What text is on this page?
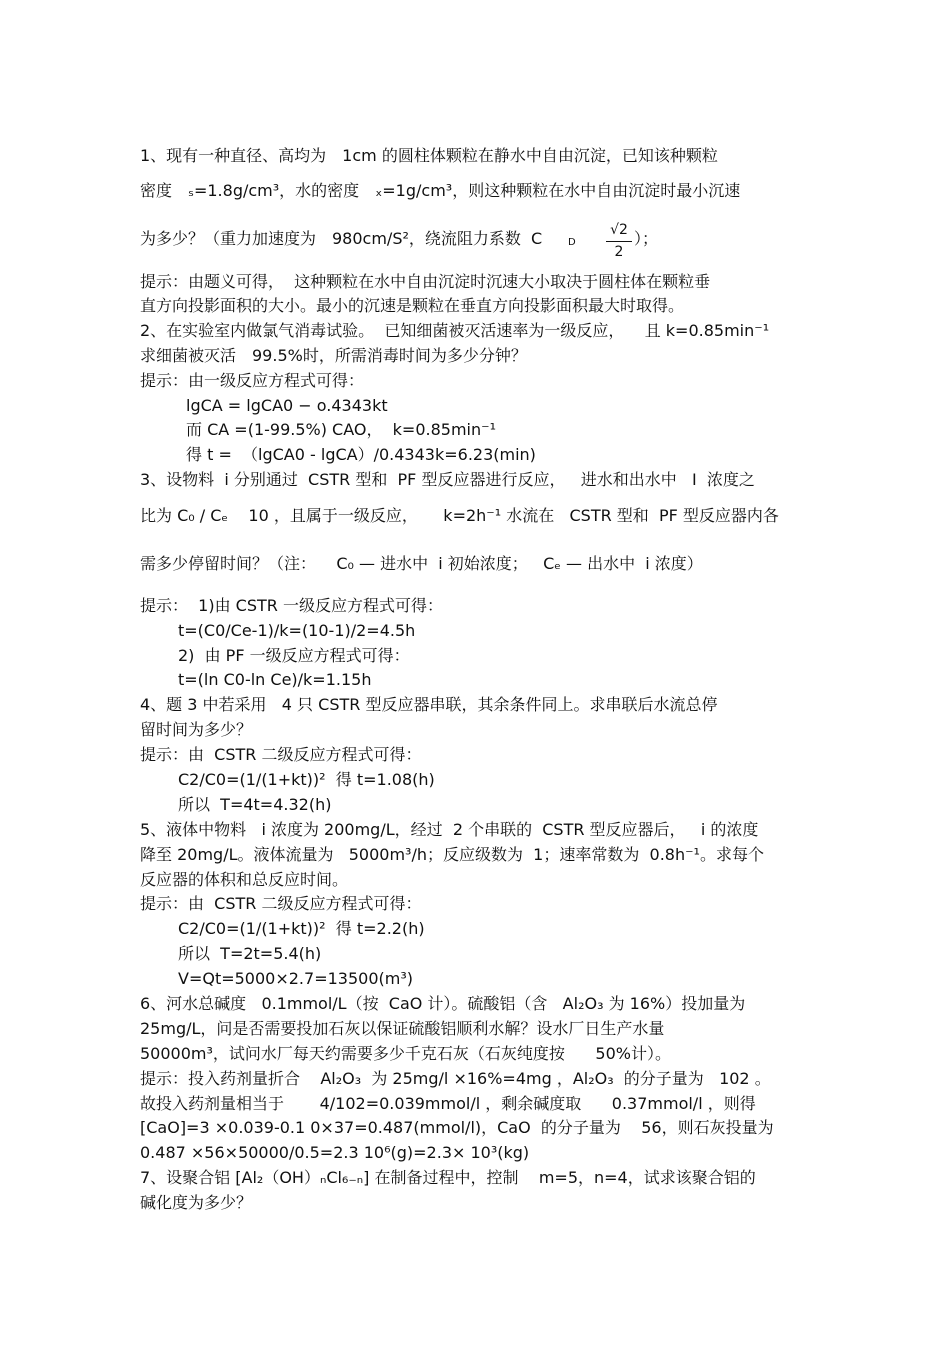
1、现有一种直径、高均为　1cm 的圆柱体颗粒在静水中自由沉淀，已知该种颗粒
密度　ₛ=1.8g/cm³，水的密度　ₓ=1g/cm³，则这种颗粒在水中自由沉淀时最小沉速
为多少？（重力加速度为　980cm/S²，绕流阻力系数  C	D
√2
2
）；
提示：由题义可得，  这种颗粒在水中自由沉淀时沉速大小取决于圆柱体在颗粒垂
直方向投影面积的大小。最小的沉速是颗粒在垂直方向投影面积最大时取得。
2、在实验室内做氯气消毒试验。  已知细菌被灭活速率为一级反应，    且 k=0.85min⁻¹
求细菌被灭活　99.5%时，所需消毒时间为多少分钟？
提示：由一级反应方程式可得：
lgCA = lgCA0 − o.4343kt
而 CA =(1-99.5%) CAO，  k=0.85min⁻¹
得 t =  （lgCA0 - lgCA）/0.4343k=6.23(min)
3、设物料  i 分别通过  CSTR 型和  PF 型反应器进行反应，   进水和出水中   I  浓度之
比为 C₀ / Cₑ    10 ，且属于一级反应，     k=2h⁻¹ 水流在   CSTR 型和  PF 型反应器内各
需多少停留时间？（注：    C₀ — 进水中  i 初始浓度；   Cₑ — 出水中  i 浓度）
提示：  1)由 CSTR 一级反应方程式可得：
t=(C0/Ce-1)/k=(10-1)/2=4.5h
2)  由 PF 一级反应方程式可得：
t=(ln C0-ln Ce)/k=1.15h
4、题 3 中若采用   4 只 CSTR 型反应器串联，其余条件同上。求串联后水流总停
留时间为多少？
提示：由  CSTR 二级反应方程式可得：
C2/C0=(1/(1+kt))²  得 t=1.08(h)
所以  T=4t=4.32(h)
5、液体中物料   i 浓度为 200mg/L，经过  2 个串联的  CSTR 型反应器后，   i 的浓度
降至 20mg/L。液体流量为   5000m³/h；反应级数为  1；速率常数为  0.8h⁻¹。求每个
反应器的体积和总反应时间。
提示：由  CSTR 二级反应方程式可得：
C2/C0=(1/(1+kt))²  得 t=2.2(h)
所以  T=2t=5.4(h)
V=Qt=5000×2.7=13500(m³)
6、河水总碱度   0.1mmol/L（按  CaO 计）。硫酸铝（含   Al₂O₃ 为 16%）投加量为
25mg/L，问是否需要投加石灰以保证硫酸铝顺利水解？设水厂日生产水量
50000m³，试问水厂每天约需要多少千克石灰（石灰纯度按      50%计）。
提示：投入药剂量折合    Al₂O₃  为 25mg/l ×16%=4mg ，Al₂O₃  的分子量为   102 。
故投入药剂量相当于       4/102=0.039mmol/l ，剩余碱度取      0.37mmol/l ，则得
[CaO]=3 ×0.039-0.1 0×37=0.487(mmol/l)，CaO  的分子量为    56，则石灰投量为
0.487 ×56×50000/0.5=2.3 10⁶(g)=2.3× 10³(kg)
7、设聚合铝 [Al₂（OH）ₙCl₆₋ₙ] 在制备过程中，控制    m=5，n=4，试求该聚合铝的
碱化度为多少？
